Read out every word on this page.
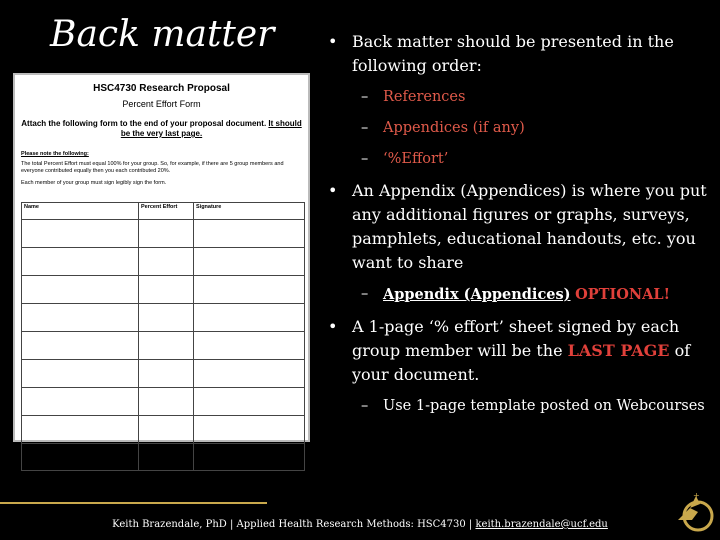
Back matter
HSC4730 Research Proposal
Percent Effort Form
Attach the following form to the end of your proposal document. It should be the very last page.
Please note the following:
The total Percent Effort must equal 100% for your group. So, for example, if there are 5 group members and everyone contributed equally then you each contributed 20%.
Each member of your group must sign legibly sign the form.
Name	Percent Effort	Signature

TOTAL PERCENT EFFORT →		
• Back matter should be presented in the following order:
– References
– Appendices (if any)
– ‘%Effort’
• An Appendix (Appendices) is where you put any additional figures or graphs, surveys, pamphlets, educational handouts, etc. you want to share
– Appendix (Appendices) OPTIONAL!
• A 1-page ‘% effort’ sheet signed by each group member will be the LAST PAGE of your document.
– Use 1-page template posted on Webcourses
Keith Brazendale, PhD | Applied Health Research Methods: HSC4730 | keith.brazendale@ucf.edu
+
